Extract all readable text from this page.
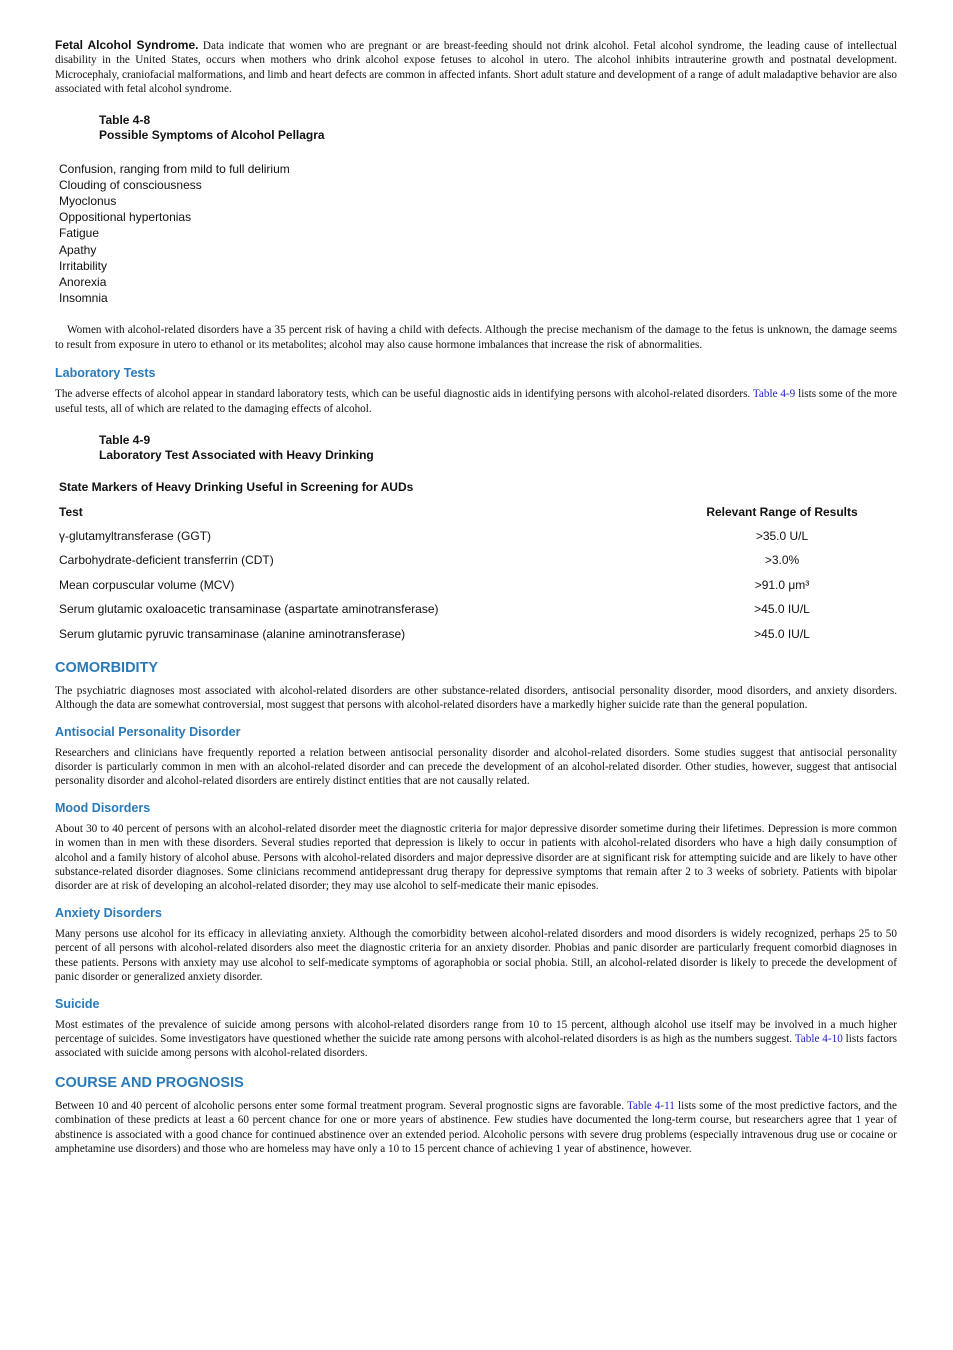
Fetal Alcohol Syndrome. Data indicate that women who are pregnant or are breast-feeding should not drink alcohol. Fetal alcohol syndrome, the leading cause of intellectual disability in the United States, occurs when mothers who drink alcohol expose fetuses to alcohol in utero. The alcohol inhibits intrauterine growth and postnatal development. Microcephaly, craniofacial malformations, and limb and heart defects are common in affected infants. Short adult stature and development of a range of adult maladaptive behavior are also associated with fetal alcohol syndrome.

Table 4-8
Possible Symptoms of Alcohol Pellagra
Confusion, ranging from mild to full delirium
Clouding of consciousness
Myoclonus
Oppositional hypertonias
Fatigue
Apathy
Irritability
Anorexia
Insomnia

Women with alcohol-related disorders have a 35 percent risk of having a child with defects. Although the precise mechanism of the damage to the fetus is unknown, the damage seems to result from exposure in utero to ethanol or its metabolites; alcohol may also cause hormone imbalances that increase the risk of abnormalities.

Laboratory Tests

The adverse effects of alcohol appear in standard laboratory tests, which can be useful diagnostic aids in identifying persons with alcohol-related disorders. Table 4-9 lists some of the more useful tests, all of which are related to the damaging effects of alcohol.

Table 4-9
Laboratory Test Associated with Heavy Drinking
State Markers of Heavy Drinking Useful in Screening for AUDs	
Test	Relevant Range of Results
γ-glutamyltransferase (GGT)	>35.0 U/L
Carbohydrate-deficient transferrin (CDT)	>3.0%
Mean corpuscular volume (MCV)	>91.0 μm³
Serum glutamic oxaloacetic transaminase (aspartate aminotransferase)	>45.0 IU/L
Serum glutamic pyruvic transaminase (alanine aminotransferase)	>45.0 IU/L
COMORBIDITY

The psychiatric diagnoses most associated with alcohol-related disorders are other substance-related disorders, antisocial personality disorder, mood disorders, and anxiety disorders. Although the data are somewhat controversial, most suggest that persons with alcohol-related disorders have a markedly higher suicide rate than the general population.

Antisocial Personality Disorder

Researchers and clinicians have frequently reported a relation between antisocial personality disorder and alcohol-related disorders. Some studies suggest that antisocial personality disorder is particularly common in men with an alcohol-related disorder and can precede the development of an alcohol-related disorder. Other studies, however, suggest that antisocial personality disorder and alcohol-related disorders are entirely distinct entities that are not causally related.

Mood Disorders

About 30 to 40 percent of persons with an alcohol-related disorder meet the diagnostic criteria for major depressive disorder sometime during their lifetimes. Depression is more common in women than in men with these disorders. Several studies reported that depression is likely to occur in patients with alcohol-related disorders who have a high daily consumption of alcohol and a family history of alcohol abuse. Persons with alcohol-related disorders and major depressive disorder are at significant risk for attempting suicide and are likely to have other substance-related disorder diagnoses. Some clinicians recommend antidepressant drug therapy for depressive symptoms that remain after 2 to 3 weeks of sobriety. Patients with bipolar disorder are at risk of developing an alcohol-related disorder; they may use alcohol to self-medicate their manic episodes.

Anxiety Disorders

Many persons use alcohol for its efficacy in alleviating anxiety. Although the comorbidity between alcohol-related disorders and mood disorders is widely recognized, perhaps 25 to 50 percent of all persons with alcohol-related disorders also meet the diagnostic criteria for an anxiety disorder. Phobias and panic disorder are particularly frequent comorbid diagnoses in these patients. Persons with anxiety may use alcohol to self-medicate symptoms of agoraphobia or social phobia. Still, an alcohol-related disorder is likely to precede the development of panic disorder or generalized anxiety disorder.

Suicide

Most estimates of the prevalence of suicide among persons with alcohol-related disorders range from 10 to 15 percent, although alcohol use itself may be involved in a much higher percentage of suicides. Some investigators have questioned whether the suicide rate among persons with alcohol-related disorders is as high as the numbers suggest. Table 4-10 lists factors associated with suicide among persons with alcohol-related disorders.

COURSE AND PROGNOSIS

Between 10 and 40 percent of alcoholic persons enter some formal treatment program. Several prognostic signs are favorable. Table 4-11 lists some of the most predictive factors, and the combination of these predicts at least a 60 percent chance for one or more years of abstinence. Few studies have documented the long-term course, but researchers agree that 1 year of abstinence is associated with a good chance for continued abstinence over an extended period. Alcoholic persons with severe drug problems (especially intravenous drug use or cocaine or amphetamine use disorders) and those who are homeless may have only a 10 to 15 percent chance of achieving 1 year of abstinence, however.
